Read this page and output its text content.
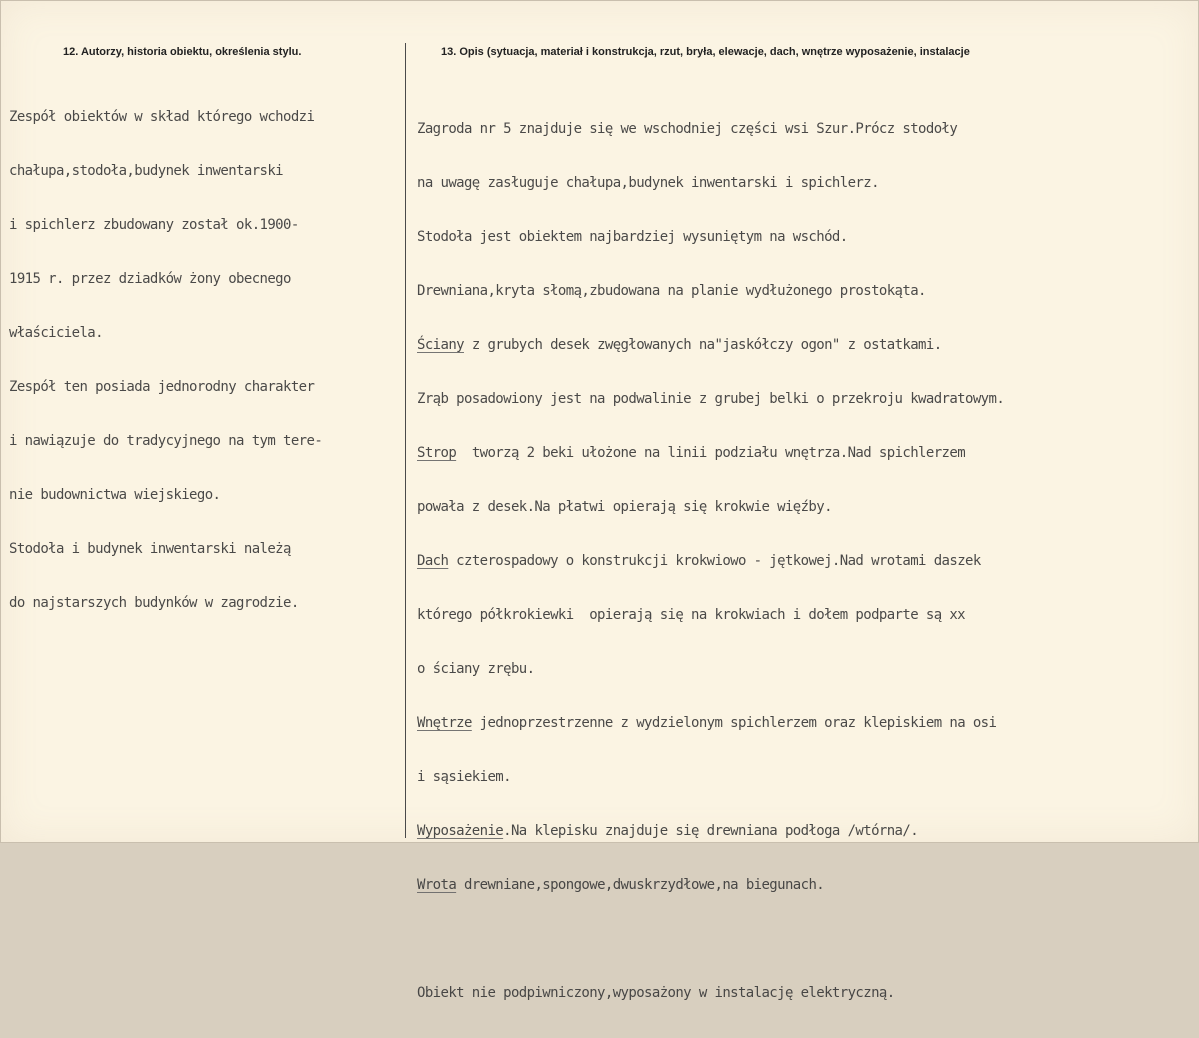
12. Autorzy, historia obiektu, określenia stylu.	13. Opis (sytuacja, materiał i konstrukcja, rzut, bryła, elewacje, dach, wnętrze wyposażenie, instalacje

Zespół obiektów w skład którego wchodzi

chałupa,stodoła,budynek inwentarski

i spichlerz zbudowany został ok.1900-

1915 r. przez dziadków żony obecnego

właściciela.

Zespół ten posiada jednorodny charakter

i nawiązuje do tradycyjnego na tym tere-

nie budownictwa wiejskiego.

Stodoła i budynek inwentarski należą

do najstarszych budynków w zagrodzie.

Zagroda nr 5 znajduje się we wschodniej części wsi Szur.Prócz stodoły

na uwagę zasługuje chałupa,budynek inwentarski i spichlerz.

Stodoła jest obiektem najbardziej wysuniętym na wschód.

Drewniana,kryta słomą,zbudowana na planie wydłużonego prostokąta.

Ściany z grubych desek zwęgłowanych na"jaskółczy ogon" z ostatkami.

Zrąb posadowiony jest na podwalinie z grubej belki o przekroju kwadratowym.

Strop  tworzą 2 beki ułożone na linii podziału wnętrza.Nad spichlerzem

powała z desek.Na płatwi opierają się krokwie więźby.

Dach czterospadowy o konstrukcji krokwiowo - jętkowej.Nad wrotami daszek

którego półkrokiewki  opierają się na krokwiach i dołem podparte są xx

o ściany zrębu.

Wnętrze jednoprzestrzenne z wydzielonym spichlerzem oraz klepiskiem na osi

i sąsiekiem.

Wyposażenie.Na klepisku znajduje się drewniana podłoga /wtórna/.

Wrota drewniane,spongowe,dwuskrzydłowe,na biegunach.

Obiekt nie podpiwniczony,wyposażony w instalację elektryczną.
